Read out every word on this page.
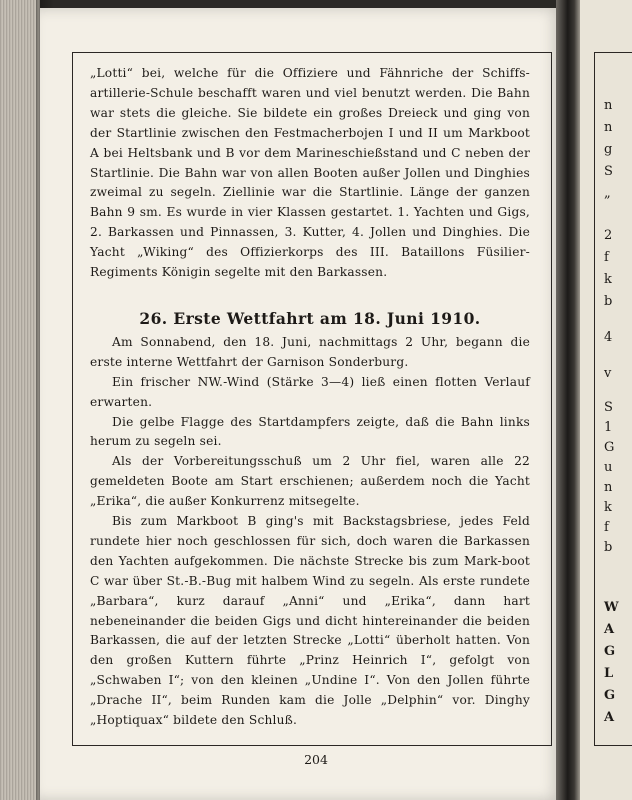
„Lotti“ bei, welche für die Offiziere und Fähnriche der Schiffs-artillerie-Schule beschafft waren und viel benutzt werden. Die Bahn war stets die gleiche. Sie bildete ein großes Dreieck und ging von der Startlinie zwischen den Festmacherbojen I und II um Markboot A bei Heltsbank und B vor dem Marineschießstand und C neben der Startlinie. Die Bahn war von allen Booten außer Jollen und Dinghies zweimal zu segeln. Ziellinie war die Startlinie. Länge der ganzen Bahn 9 sm. Es wurde in vier Klassen gestartet. 1. Yachten und Gigs, 2. Barkassen und Pinnassen, 3. Kutter, 4. Jollen und Dinghies. Die Yacht „Wiking“ des Offizierkorps des III. Bataillons Füsilier-Regiments Königin segelte mit den Barkassen.

26. Erste Wettfahrt am 18. Juni 1910.

Am Sonnabend, den 18. Juni, nachmittags 2 Uhr, begann die erste interne Wettfahrt der Garnison Sonderburg.

Ein frischer NW.-Wind (Stärke 3—4) ließ einen flotten Verlauf erwarten.

Die gelbe Flagge des Startdampfers zeigte, daß die Bahn links herum zu segeln sei.

Als der Vorbereitungsschuß um 2 Uhr fiel, waren alle 22 gemeldeten Boote am Start erschienen; außerdem noch die Yacht „Erika“, die außer Konkurrenz mitsegelte.

Bis zum Markboot B ging's mit Backstagsbriese, jedes Feld rundete hier noch geschlossen für sich, doch waren die Barkassen den Yachten aufgekommen. Die nächste Strecke bis zum Mark-boot C war über St.-B.-Bug mit halbem Wind zu segeln. Als erste rundete „Barbara“, kurz darauf „Anni“ und „Erika“, dann hart nebeneinander die beiden Gigs und dicht hintereinander die beiden Barkassen, die auf der letzten Strecke „Lotti“ überholt hatten. Von den großen Kuttern führte „Prinz Heinrich I“, gefolgt von „Schwaben I“; von den kleinen „Undine I“. Von den Jollen führte „Drache II“, beim Runden kam die Jolle „Delphin“ vor. Dinghy „Hoptiquax“ bildete den Schluß.

204
n
n
g
S
„
2
f
k
b
4
v
S
1
G
u
n
k
f
b
W
A
G
L
G
A
